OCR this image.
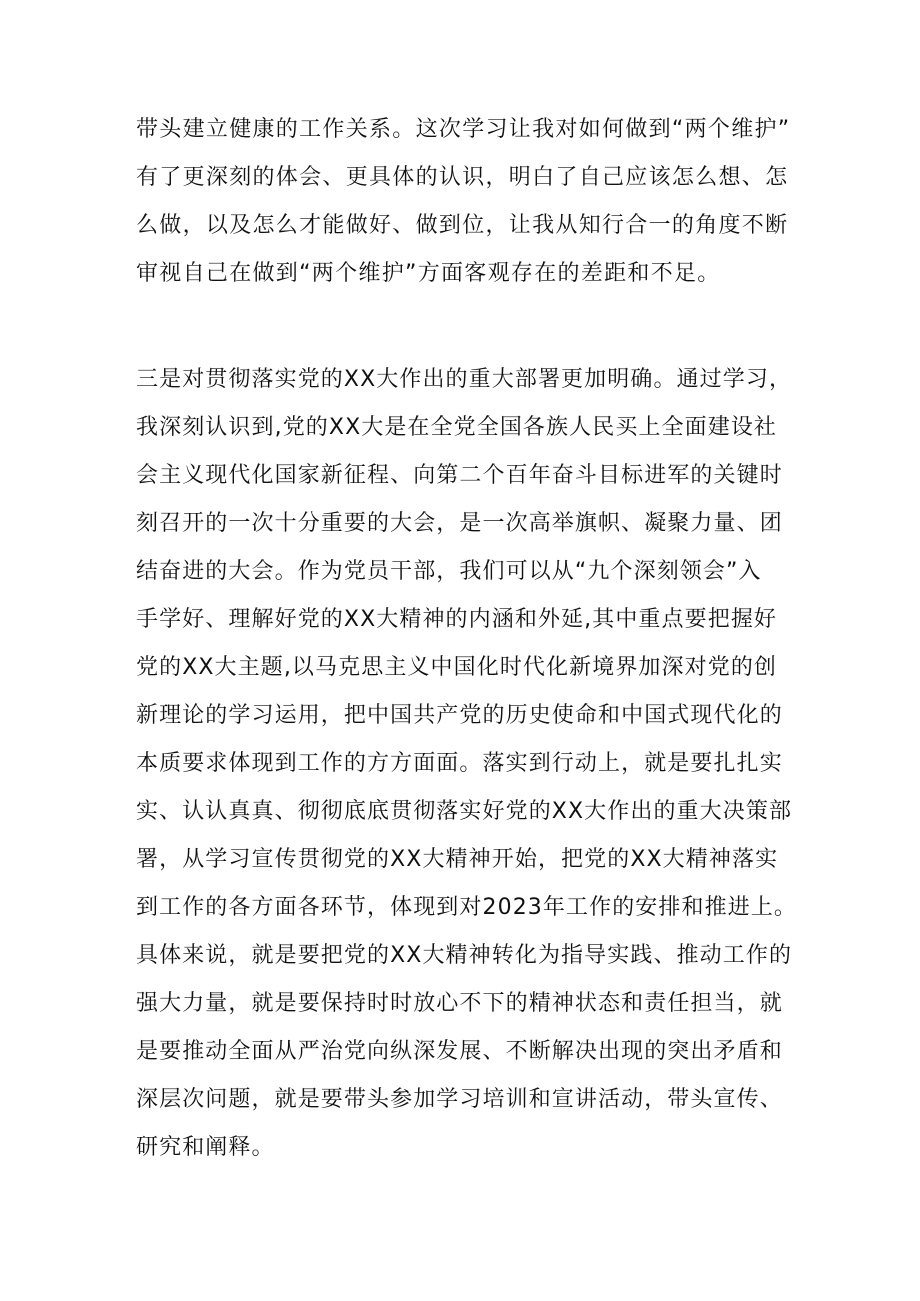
带头建立健康的工作关系。这次学习让我对如何做到“两个维护”
有了更深刻的体会、更具体的认识，明白了自己应该怎么想、怎
么做，以及怎么才能做好、做到位，让我从知行合一的角度不断
审视自己在做到“两个维护”方面客观存在的差距和不足。
三是对贯彻落实党的XX大作出的重大部署更加明确。通过学习，
我深刻认识到,党的XX大是在全党全国各族人民买上全面建设社
会主义现代化国家新征程、向第二个百年奋斗目标进军的关键时
刻召开的一次十分重要的大会，是一次高举旗帜、凝聚力量、团
结奋进的大会。作为党员干部，我们可以从“九个深刻领会”入
手学好、理解好党的XX大精神的内涵和外延,其中重点要把握好
党的XX大主题,以马克思主义中国化时代化新境界加深对党的创
新理论的学习运用，把中国共产党的历史使命和中国式现代化的
本质要求体现到工作的方方面面。落实到行动上，就是要扎扎实
实、认认真真、彻彻底底贯彻落实好党的XX大作出的重大决策部
署，从学习宣传贯彻党的XX大精神开始，把党的XX大精神落实
到工作的各方面各环节，体现到对2023年工作的安排和推进上。
具体来说，就是要把党的XX大精神转化为指导实践、推动工作的
强大力量，就是要保持时时放心不下的精神状态和责任担当，就
是要推动全面从严治党向纵深发展、不断解决出现的突出矛盾和
深层次问题，就是要带头参加学习培训和宣讲活动，带头宣传、
研究和阐释。
